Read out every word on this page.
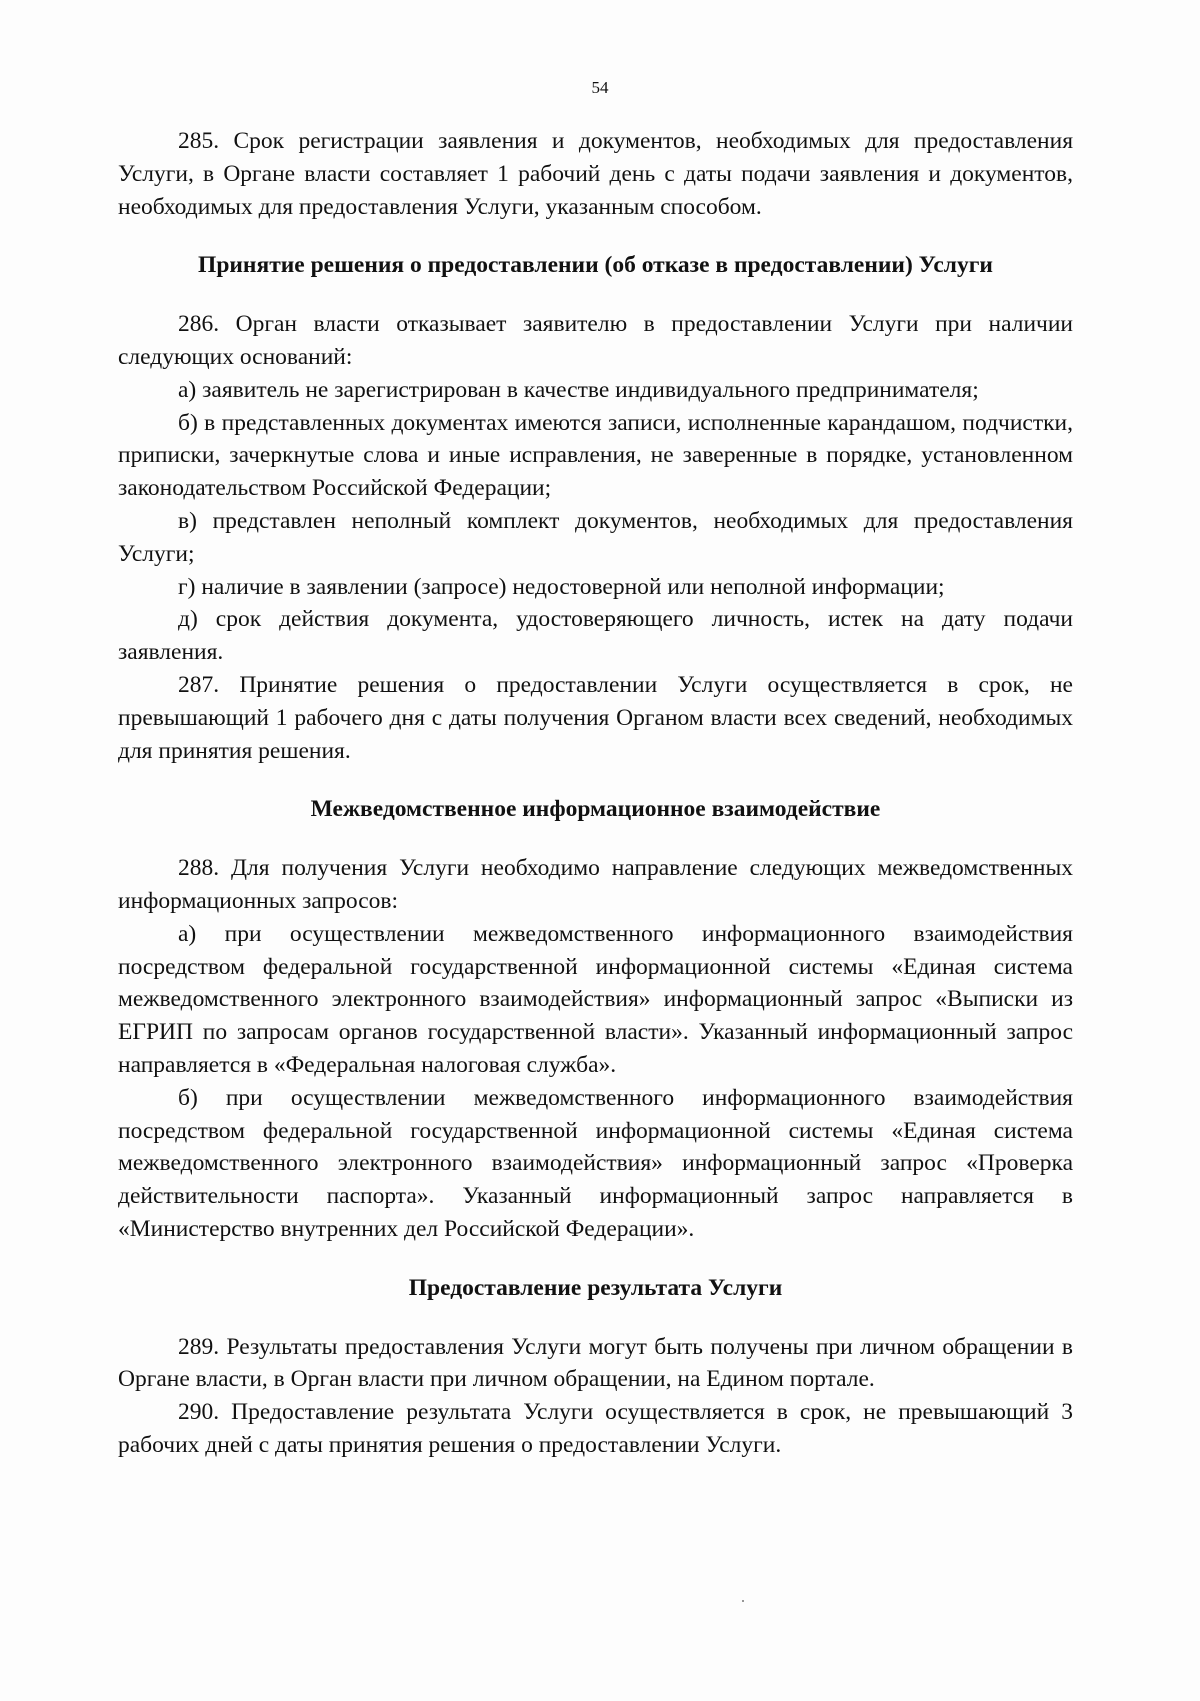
54

285. Срок регистрации заявления и документов, необходимых для предоставления Услуги, в Органе власти составляет 1 рабочий день с даты подачи заявления и документов, необходимых для предоставления Услуги, указанным способом.

Принятие решения о предоставлении (об отказе в предоставлении) Услуги

286. Орган власти отказывает заявителю в предоставлении Услуги при наличии следующих оснований:

а) заявитель не зарегистрирован в качестве индивидуального предпринимателя;

б) в представленных документах имеются записи, исполненные карандашом, подчистки, приписки, зачеркнутые слова и иные исправления, не заверенные в порядке, установленном законодательством Российской Федерации;

в) представлен неполный комплект документов, необходимых для предоставления Услуги;

г) наличие в заявлении (запросе) недостоверной или неполной информации;

д) срок действия документа, удостоверяющего личность, истек на дату подачи заявления.

287. Принятие решения о предоставлении Услуги осуществляется в срок, не превышающий 1 рабочего дня с даты получения Органом власти всех сведений, необходимых для принятия решения.

Межведомственное информационное взаимодействие

288. Для получения Услуги необходимо направление следующих межведомственных информационных запросов:

а) при осуществлении межведомственного информационного взаимодействия посредством федеральной государственной информационной системы «Единая система межведомственного электронного взаимодействия» информационный запрос «Выписки из ЕГРИП по запросам органов государственной власти». Указанный информационный запрос направляется в «Федеральная налоговая служба».

б) при осуществлении межведомственного информационного взаимодействия посредством федеральной государственной информационной системы «Единая система межведомственного электронного взаимодействия» информационный запрос «Проверка действительности паспорта». Указанный информационный запрос направляется в «Министерство внутренних дел Российской Федерации».

Предоставление результата Услуги

289. Результаты предоставления Услуги могут быть получены при личном обращении в Органе власти, в Орган власти при личном обращении, на Едином портале.

290. Предоставление результата Услуги осуществляется в срок, не превышающий 3 рабочих дней с даты принятия решения о предоставлении Услуги.
